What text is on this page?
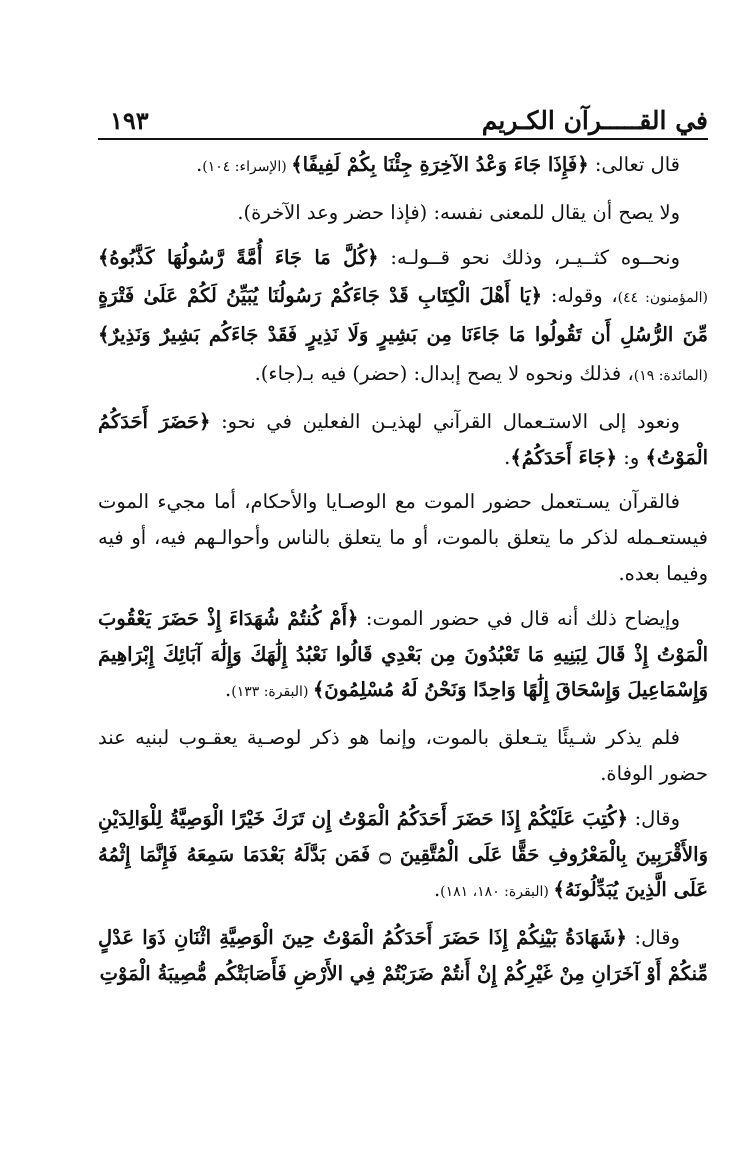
في القـــــرآن الكـريم
١٩٣

قال تعالى: ﴿فَإِذَا جَاءَ وَعْدُ الآخِرَةِ جِئْنَا بِكُمْ لَفِيفًا﴾ (الإسراء: ١٠٤).

ولا يصح أن يقال للمعنى نفسه: (فإذا حضر وعد الآخرة).

ونحــوه كثــيـر، وذلك نحو قــولـه: ﴿كُلَّ مَا جَاءَ أُمَّةً رَّسُولُهَا كَذَّبُوهُ﴾ (المؤمنون: ٤٤)، وقوله: ﴿يَا أَهْلَ الْكِتَابِ قَدْ جَاءَكُمْ رَسُولُنَا يُبَيِّنُ لَكُمْ عَلَىٰ فَتْرَةٍ مِّنَ الرُّسُلِ أَن تَقُولُوا مَا جَاءَنَا مِن بَشِيرٍ وَلَا نَذِيرٍ فَقَدْ جَاءَكُم بَشِيرٌ وَنَذِيرٌ﴾ (المائدة: ١٩)، فذلك ونحوه لا يصح إبدال: (حضر) فيه بـ(جاء).

ونعود إلى الاستـعمال القرآني لهذيـن الفعلين في نحو: ﴿حَضَرَ أَحَدَكُمُ الْمَوْتُ﴾ و: ﴿جَاءَ أَحَدَكُمُ﴾.

فالقرآن يسـتعمل حضور الموت مع الوصـايا والأحكام، أما مجيء الموت فيستعـمله لذكر ما يتعلق بالموت، أو ما يتعلق بالناس وأحوالـهم فيه، أو فيه وفيما بعده.

وإيضاح ذلك أنه قال في حضور الموت: ﴿أَمْ كُنتُمْ شُهَدَاءَ إِذْ حَضَرَ يَعْقُوبَ الْمَوْتُ إِذْ قَالَ لِبَنِيهِ مَا تَعْبُدُونَ مِن بَعْدِي قَالُوا نَعْبُدُ إِلَٰهَكَ وَإِلَٰهَ آبَائِكَ إِبْرَاهِيمَ وَإِسْمَاعِيلَ وَإِسْحَاقَ إِلَٰهًا وَاحِدًا وَنَحْنُ لَهُ مُسْلِمُونَ﴾ (البقرة: ١٣٣).

فلم يذكر شـيئًا يتـعلق بالموت، وإنما هو ذكر لوصـية يعقـوب لبنيه عند حضور الوفاة.

وقال: ﴿كُتِبَ عَلَيْكُمْ إِذَا حَضَرَ أَحَدَكُمُ الْمَوْتُ إِن تَرَكَ خَيْرًا الْوَصِيَّةُ لِلْوَالِدَيْنِ وَالأَقْرَبِينَ بِالْمَعْرُوفِ حَقًّا عَلَى الْمُتَّقِينَ ۝ فَمَن بَدَّلَهُ بَعْدَمَا سَمِعَهُ فَإِنَّمَا إِثْمُهُ عَلَى الَّذِينَ يُبَدِّلُونَهُ﴾ (البقرة: ١٨٠، ١٨١).

وقال: ﴿شَهَادَةُ بَيْنِكُمْ إِذَا حَضَرَ أَحَدَكُمُ الْمَوْتُ حِينَ الْوَصِيَّةِ اثْنَانِ ذَوَا عَدْلٍ مِّنكُمْ أَوْ آخَرَانِ مِنْ غَيْرِكُمْ إِنْ أَنتُمْ ضَرَبْتُمْ فِي الأَرْضِ فَأَصَابَتْكُم مُّصِيبَةُ الْمَوْتِ
